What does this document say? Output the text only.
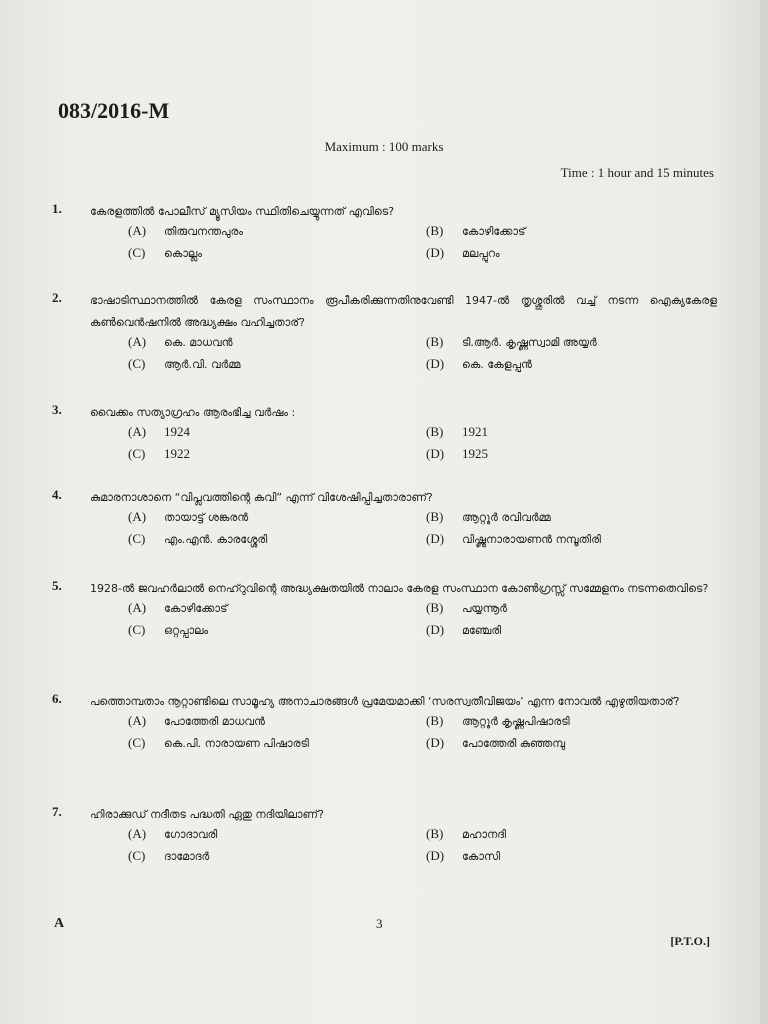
083/2016-M
Maximum : 100 marks
Time : 1 hour and 15 minutes
1.	കേരളത്തിൽ പോലീസ് മ്യൂസിയം സ്ഥിതിചെയ്യുന്നത് എവിടെ?
(A) തിരുവനന്തപുരം	(B) കോഴിക്കോട്
(C) കൊല്ലം	(D) മലപ്പുറം
2.	ഭാഷാടിസ്ഥാനത്തിൽ കേരള സംസ്ഥാനം രൂപീകരിക്കുന്നതിനുവേണ്ടി 1947-ൽ തൃശ്ശൂരിൽ വച്ച് നടന്ന ഐക്യകേരള കൺവെൻഷനിൽ അദ്ധ്യക്ഷം വഹിച്ചതാര്?
(A) കെ. മാധവൻ	(B) ടി.ആർ. കൃഷ്ണസ്വാമി അയ്യർ
(C) ആർ.വി. വർമ്മ	(D) കെ. കേളപ്പൻ
3.	വൈക്കം സത്യാഗ്രഹം ആരംഭിച്ച വർഷം :
(A) 1924	(B) 1921
(C) 1922	(D) 1925
4.	കുമാരനാശാനെ “വിപ്ലവത്തിന്റെ കവി” എന്ന് വിശേഷിപ്പിച്ചതാരാണ്?
(A) തായാട്ട് ശങ്കരൻ	(B) ആറ്റൂർ രവിവർമ്മ
(C) എം.എൻ. കാരശ്ശേരി	(D) വിഷ്ണുനാരായണൻ നമ്പൂതിരി
5.	1928-ൽ ജവഹർലാൽ നെഹ്റുവിന്റെ അദ്ധ്യക്ഷതയിൽ നാലാം കേരള സംസ്ഥാന കോൺഗ്രസ്സ് സമ്മേളനം നടന്നതെവിടെ?
(A) കോഴിക്കോട്	(B) പയ്യന്നൂർ
(C) ഒറ്റപ്പാലം	(D) മഞ്ചേരി
6.	പത്തൊമ്പതാം നൂറ്റാണ്ടിലെ സാമൂഹ്യ അനാചാരങ്ങൾ പ്രമേയമാക്കി ‘സരസ്വതീവിജയം’ എന്ന നോവൽ എഴുതിയതാര്?
(A) പോത്തേരി മാധവൻ	(B) ആറ്റൂർ കൃഷ്ണപിഷാരടി
(C) കെ.പി. നാരായണ പിഷാരടി	(D) പോത്തേരി കുഞ്ഞമ്പു
7.	ഹിരാക്കുഡ് നദീതട പദ്ധതി ഏതു നദിയിലാണ്?
(A) ഗോദാവരി	(B) മഹാനദി
(C) ദാമോദർ	(D) കോസി
A	3
[P.T.O.]
